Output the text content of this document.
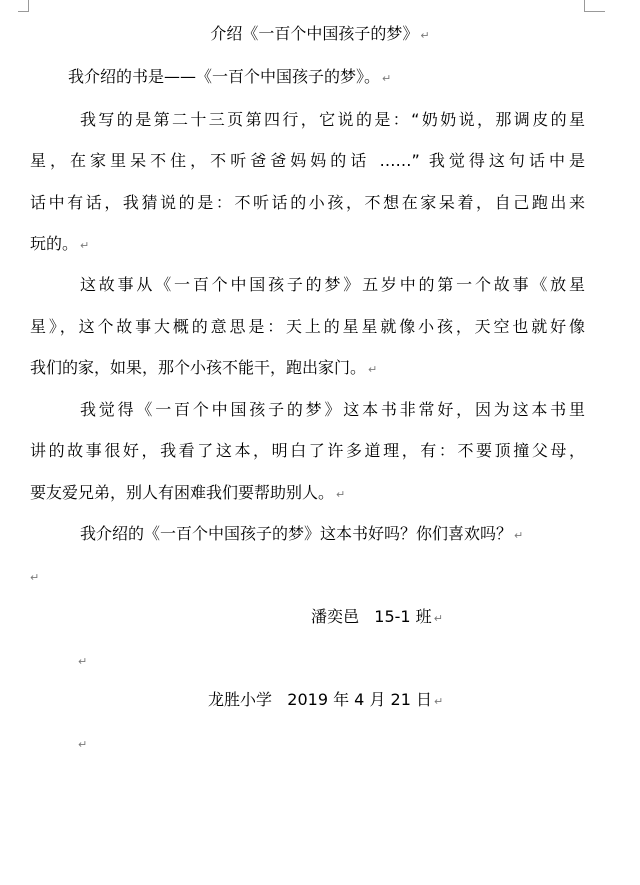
介绍《一百个中国孩子的梦》 ↵
我介绍的书是——《一百个中国孩子的梦》。 ↵
我写的是第二十三页第四行，它说的是：“奶奶说，那调皮的星
星，在家里呆不住，不听爸爸妈妈的话 ……” 我觉得这句话中是
话中有话，我猜说的是：不听话的小孩，不想在家呆着，自己跑出来
玩的。 ↵
这故事从《一百个中国孩子的梦》五岁中的第一个故事《放星
星》，这个故事大概的意思是：天上的星星就像小孩，天空也就好像
我们的家，如果，那个小孩不能干，跑出家门。 ↵
我觉得《一百个中国孩子的梦》这本书非常好，因为这本书里
讲的故事很好，我看了这本，明白了许多道理，有：不要顶撞父母，
要友爱兄弟，别人有困难我们要帮助别人。 ↵
我介绍的《一百个中国孩子的梦》这本书好吗？你们喜欢吗？ ↵
↵
潘奕邑 15-1 班 ↵
↵
龙胜小学 2019 年 4 月 21 日 ↵
↵
